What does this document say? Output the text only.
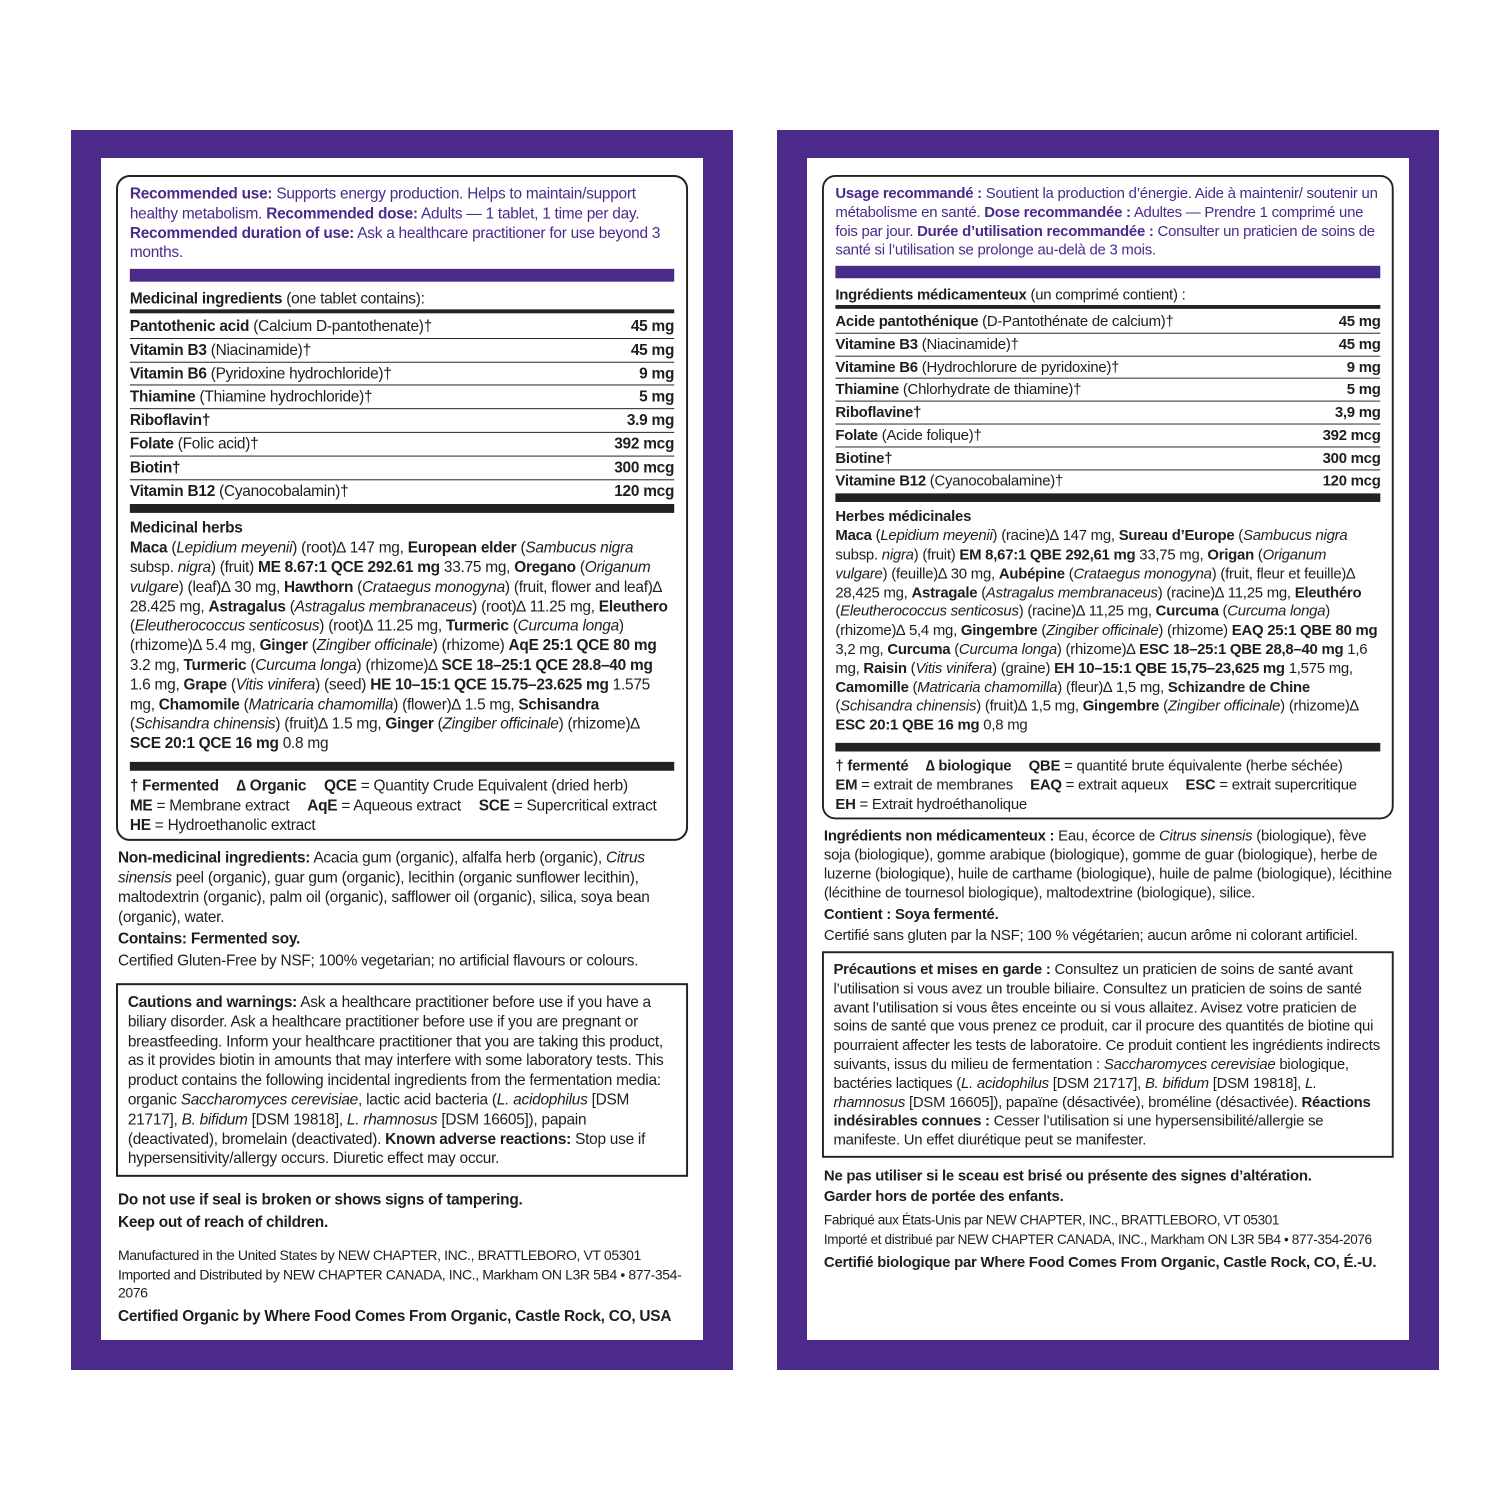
Recommended use: Supports energy production. Helps to maintain/support healthy metabolism. Recommended dose: Adults — 1 tablet, 1 time per day. Recommended duration of use: Ask a healthcare practitioner for use beyond 3 months.
Medicinal ingredients (one tablet contains):
Pantothenic acid (Calcium D-pantothenate)†	45 mg
Vitamin B3 (Niacinamide)†	45 mg
Vitamin B6 (Pyridoxine hydrochloride)†	9 mg
Thiamine (Thiamine hydrochloride)†	5 mg
Riboflavin†	3.9 mg
Folate (Folic acid)†	392 mcg
Biotin†	300 mcg
Vitamin B12 (Cyanocobalamin)†	120 mcg
Medicinal herbs
Maca (Lepidium meyenii) (root)∆ 147 mg, European elder (Sambucus nigra subsp. nigra) (fruit) ME 8.67:1 QCE 292.61 mg 33.75 mg, Oregano (Origanum vulgare) (leaf)∆ 30 mg, Hawthorn (Crataegus monogyna) (fruit, flower and leaf)∆ 28.425 mg, Astragalus (Astragalus membranaceus) (root)∆ 11.25 mg, Eleuthero (Eleutherococcus senticosus) (root)∆ 11.25 mg, Turmeric (Curcuma longa) (rhizome)∆ 5.4 mg, Ginger (Zingiber officinale) (rhizome) AqE 25:1 QCE 80 mg 3.2 mg, Turmeric (Curcuma longa) (rhizome)∆ SCE 18–25:1 QCE 28.8–40 mg 1.6 mg, Grape (Vitis vinifera) (seed) HE 10–15:1 QCE 15.75–23.625 mg 1.575 mg, Chamomile (Matricaria chamomilla) (flower)∆ 1.5 mg, Schisandra (Schisandra chinensis) (fruit)∆ 1.5 mg, Ginger (Zingiber officinale) (rhizome)∆ SCE 20:1 QCE 16 mg 0.8 mg
† Fermented ∆ Organic QCE = Quantity Crude Equivalent (dried herb)
ME = Membrane extract AqE = Aqueous extract SCE = Supercritical extract
HE = Hydroethanolic extract
Non-medicinal ingredients: Acacia gum (organic), alfalfa herb (organic), Citrus sinensis peel (organic), guar gum (organic), lecithin (organic sunflower lecithin), maltodextrin (organic), palm oil (organic), safflower oil (organic), silica, soya bean (organic), water.
Contains: Fermented soy.
Certified Gluten-Free by NSF; 100% vegetarian; no artificial flavours or colours.
Cautions and warnings: Ask a healthcare practitioner before use if you have a biliary disorder. Ask a healthcare practitioner before use if you are pregnant or breastfeeding. Inform your healthcare practitioner that you are taking this product, as it provides biotin in amounts that may interfere with some laboratory tests. This product contains the following incidental ingredients from the fermentation media: organic Saccharomyces cerevisiae, lactic acid bacteria (L. acidophilus [DSM 21717], B. bifidum [DSM 19818], L. rhamnosus [DSM 16605]), papain (deactivated), bromelain (deactivated). Known adverse reactions: Stop use if hypersensitivity/allergy occurs. Diuretic effect may occur.
Do not use if seal is broken or shows signs of tampering.
Keep out of reach of children.
Manufactured in the United States by NEW CHAPTER, INC., BRATTLEBORO, VT 05301
Imported and Distributed by NEW CHAPTER CANADA, INC., Markham ON L3R 5B4 • 877-354-2076
Certified Organic by Where Food Comes From Organic, Castle Rock, CO, USA
Usage recommandé : Soutient la production d’énergie. Aide à maintenir/ soutenir un métabolisme en santé. Dose recommandée : Adultes — Prendre 1 comprimé une fois par jour. Durée d’utilisation recommandée : Consulter un praticien de soins de santé si l’utilisation se prolonge au-delà de 3 mois.
Ingrédients médicamenteux (un comprimé contient) :
Acide pantothénique (D-Pantothénate de calcium)†	45 mg
Vitamine B3 (Niacinamide)†	45 mg
Vitamine B6 (Hydrochlorure de pyridoxine)†	9 mg
Thiamine (Chlorhydrate de thiamine)†	5 mg
Riboflavine†	3,9 mg
Folate (Acide folique)†	392 mcg
Biotine†	300 mcg
Vitamine B12 (Cyanocobalamine)†	120 mcg
Herbes médicinales
Maca (Lepidium meyenii) (racine)∆ 147 mg, Sureau d’Europe (Sambucus nigra subsp. nigra) (fruit) EM 8,67:1 QBE 292,61 mg 33,75 mg, Origan (Origanum vulgare) (feuille)∆ 30 mg, Aubépine (Crataegus monogyna) (fruit, fleur et feuille)∆ 28,425 mg, Astragale (Astragalus membranaceus) (racine)∆ 11,25 mg, Eleuthéro (Eleutherococcus senticosus) (racine)∆ 11,25 mg, Curcuma (Curcuma longa) (rhizome)∆ 5,4 mg, Gingembre (Zingiber officinale) (rhizome) EAQ 25:1 QBE 80 mg 3,2 mg, Curcuma (Curcuma longa) (rhizome)∆ ESC 18–25:1 QBE 28,8–40 mg 1,6 mg, Raisin (Vitis vinifera) (graine) EH 10–15:1 QBE 15,75–23,625 mg 1,575 mg, Camomille (Matricaria chamomilla) (fleur)∆ 1,5 mg, Schizandre de Chine (Schisandra chinensis) (fruit)∆ 1,5 mg, Gingembre (Zingiber officinale) (rhizome)∆ ESC 20:1 QBE 16 mg 0,8 mg
† fermenté ∆ biologique QBE = quantité brute équivalente (herbe séchée)
EM = extrait de membranes EAQ = extrait aqueux ESC = extrait supercritique
EH = Extrait hydroéthanolique
Ingrédients non médicamenteux : Eau, écorce de Citrus sinensis (biologique), fève soja (biologique), gomme arabique (biologique), gomme de guar (biologique), herbe de luzerne (biologique), huile de carthame (biologique), huile de palme (biologique), lécithine (lécithine de tournesol biologique), maltodextrine (biologique), silice.
Contient : Soya fermenté.
Certifié sans gluten par la NSF; 100 % végétarien; aucun arôme ni colorant artificiel.
Précautions et mises en garde : Consultez un praticien de soins de santé avant l’utilisation si vous avez un trouble biliaire. Consultez un praticien de soins de santé avant l’utilisation si vous êtes enceinte ou si vous allaitez. Avisez votre praticien de soins de santé que vous prenez ce produit, car il procure des quantités de biotine qui pourraient affecter les tests de laboratoire. Ce produit contient les ingrédients indirects suivants, issus du milieu de fermentation : Saccharomyces cerevisiae biologique, bactéries lactiques (L. acidophilus [DSM 21717], B. bifidum [DSM 19818], L. rhamnosus [DSM 16605]), papaïne (désactivée), broméline (désactivée). Réactions indésirables connues : Cesser l’utilisation si une hypersensibilité/allergie se manifeste. Un effet diurétique peut se manifester.
Ne pas utiliser si le sceau est brisé ou présente des signes d’altération.
Garder hors de portée des enfants.
Fabriqué aux États-Unis par NEW CHAPTER, INC., BRATTLEBORO, VT 05301
Importé et distribué par NEW CHAPTER CANADA, INC., Markham ON L3R 5B4 • 877-354-2076
Certifié biologique par Where Food Comes From Organic, Castle Rock, CO, É.-U.
